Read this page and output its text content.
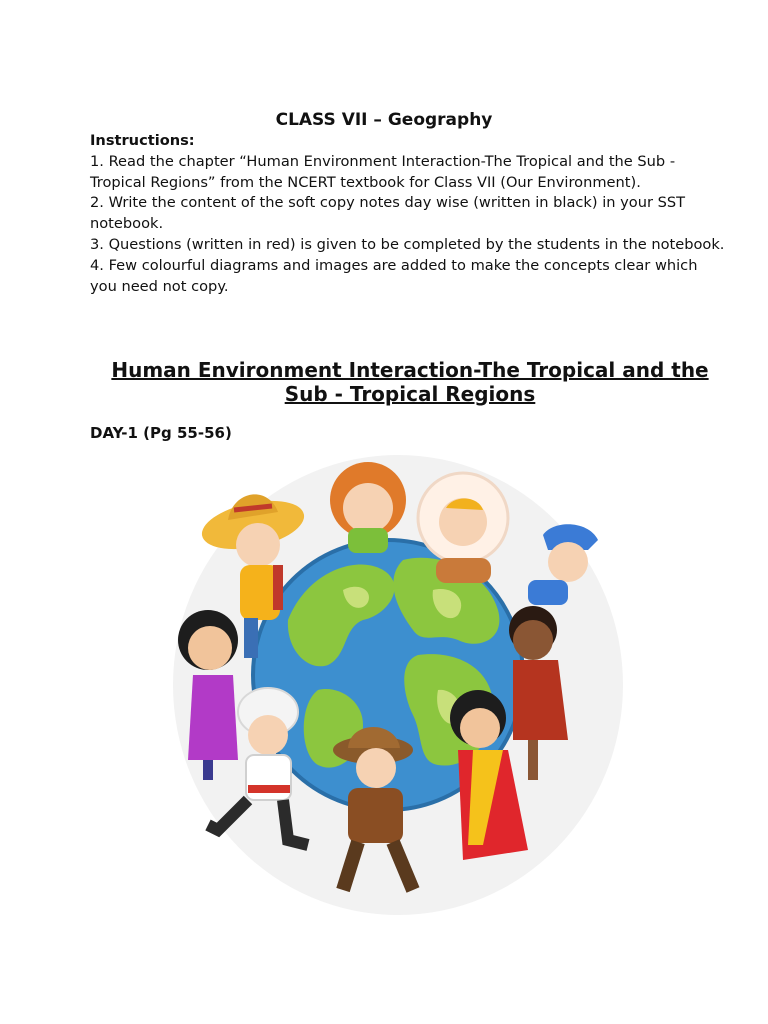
CLASS VII – Geography
Instructions:

1. Read the chapter “Human Environment Interaction-The Tropical and the Sub - Tropical Regions” from the NCERT textbook for Class VII (Our Environment).

2. Write the content of the soft copy notes day wise (written in black) in your SST notebook.

3. Questions (written in red) is given to be completed by the students in the notebook.

4. Few colourful diagrams and images are added to make the concepts clear which you need not copy.

Human Environment Interaction-The Tropical and the
Sub - Tropical Regions

DAY-1 (Pg 55-56)
